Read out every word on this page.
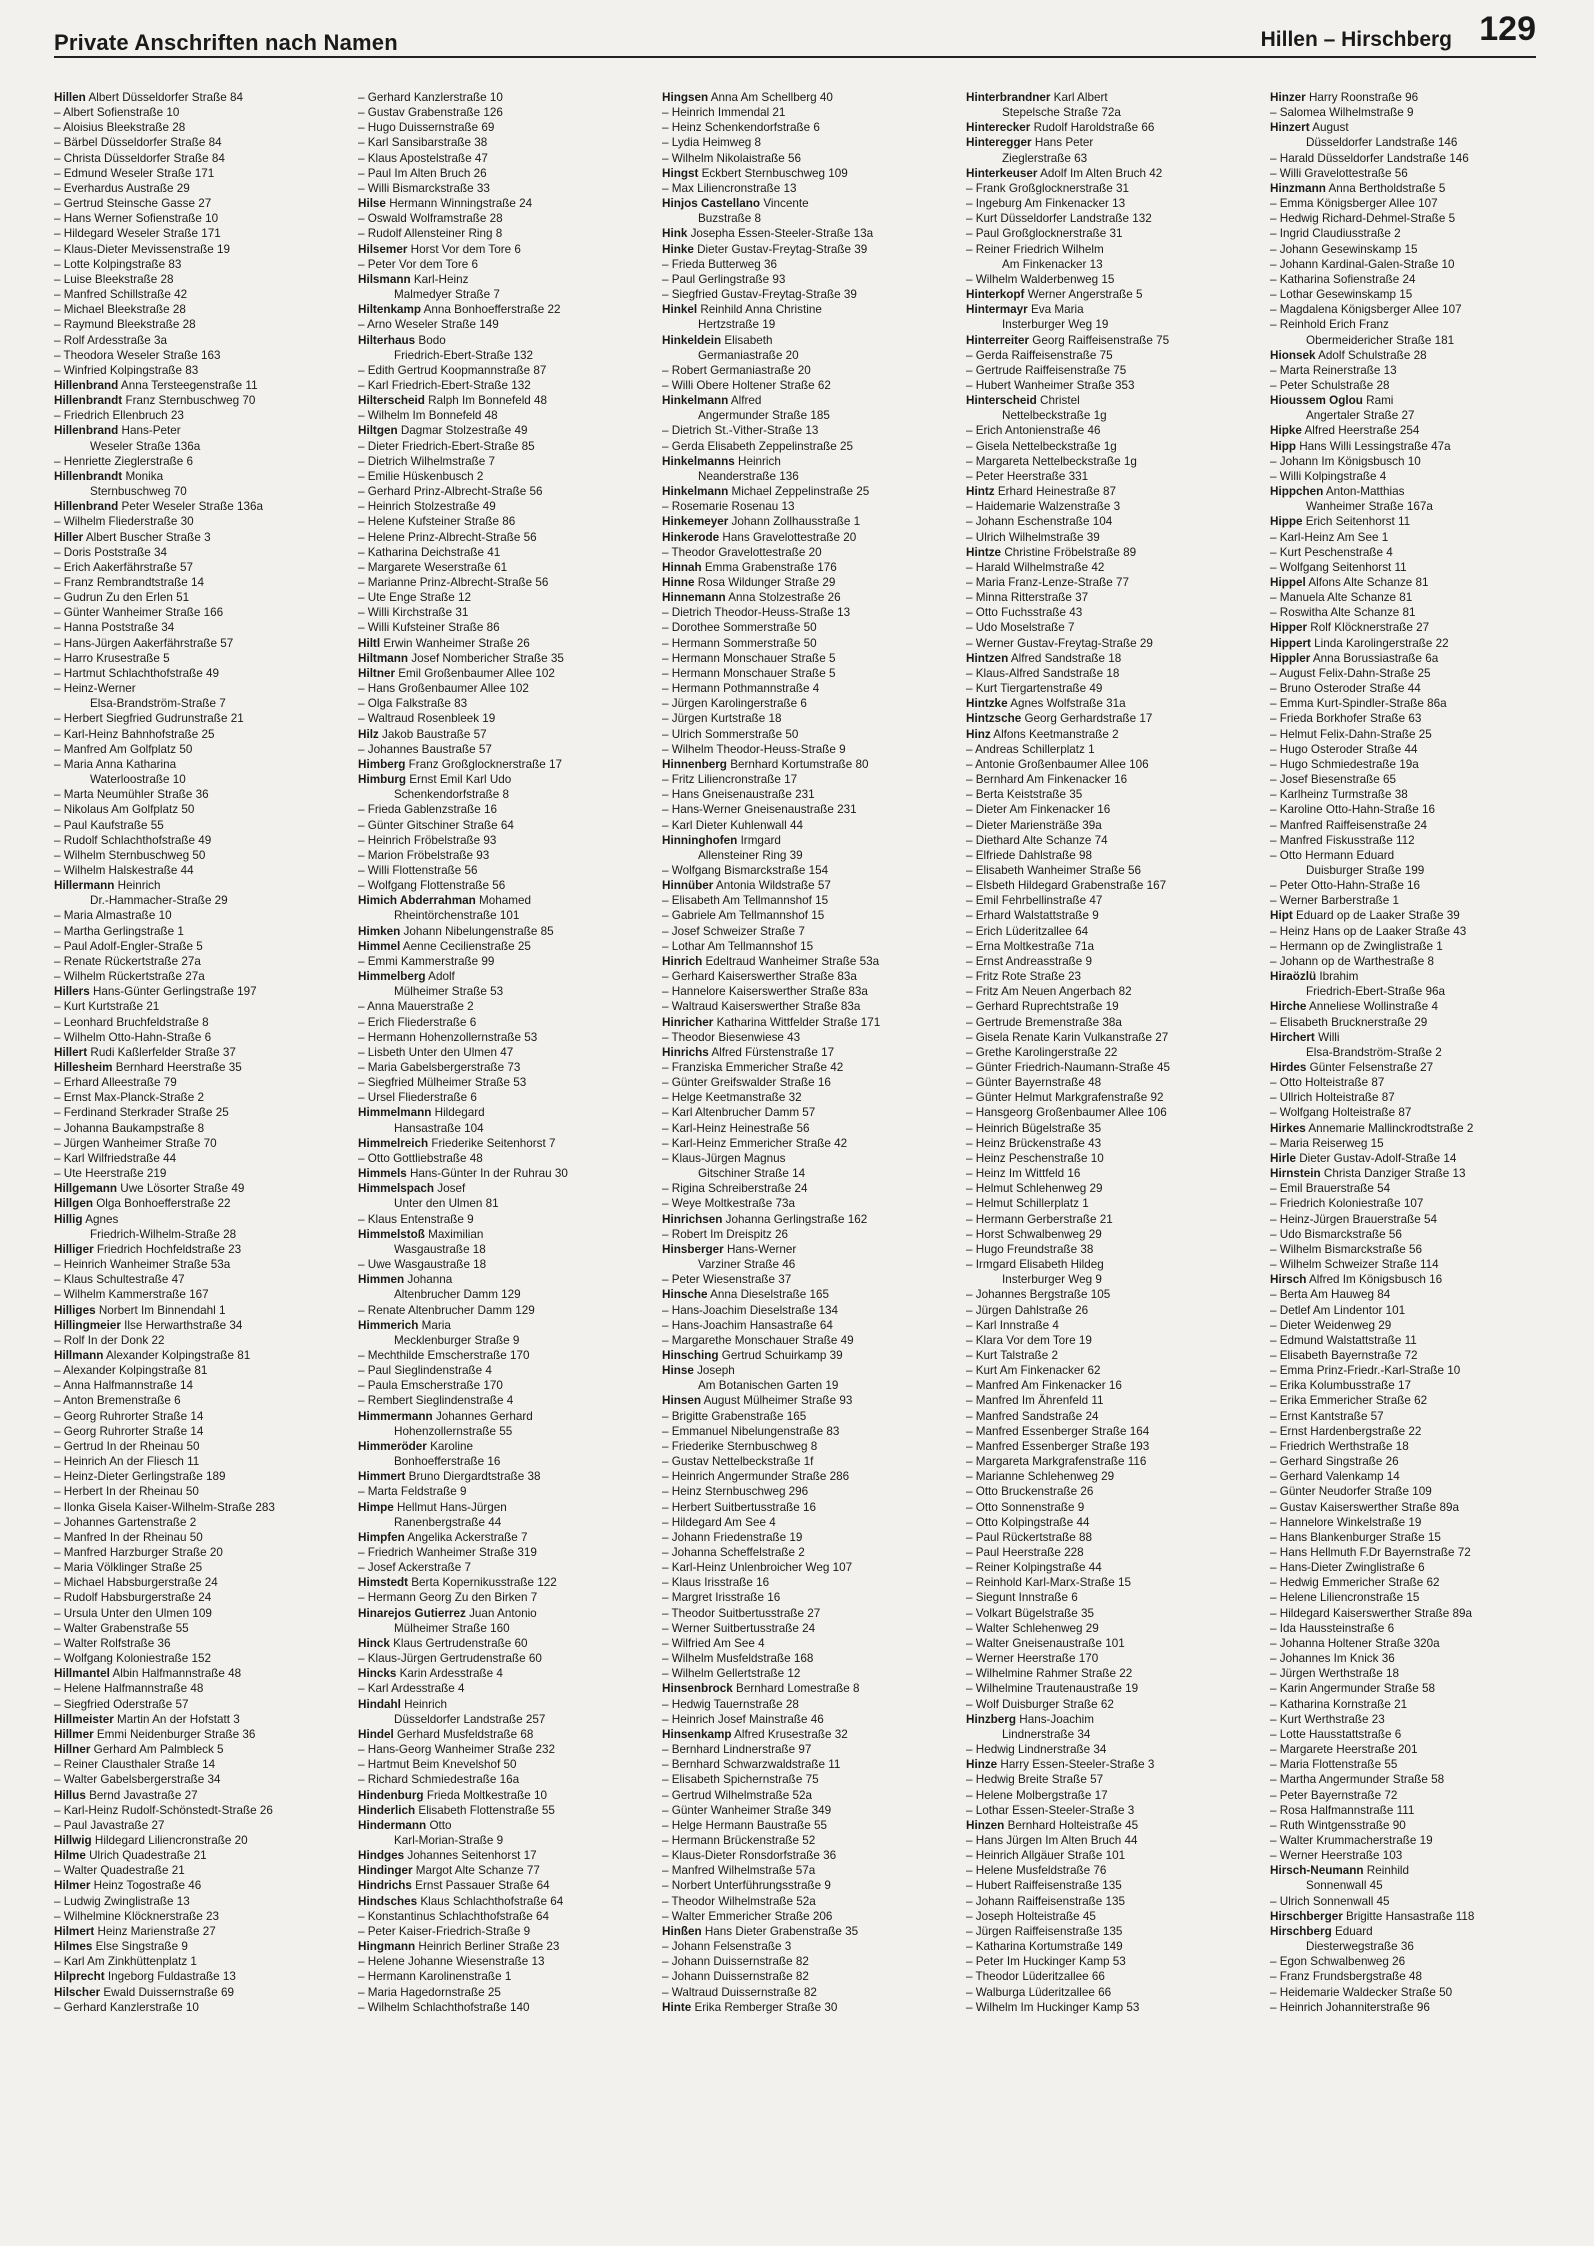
Private Anschriften nach Namen	Hillen – Hirschberg 129
Hillen Albert Düsseldorfer Straße 84
– Albert Sofienstraße 10
– Aloisius Bleekstraße 28
– Bärbel Düsseldorfer Straße 84
– Christa Düsseldorfer Straße 84
– Edmund Weseler Straße 171
– Everhardus Austraße 29
– Gertrud Steinsche Gasse 27
– Hans Werner Sofienstraße 10
– Hildegard Weseler Straße 171
– Klaus-Dieter Mevissenstraße 19
– Lotte Kolpingstraße 83
– Luise Bleekstraße 28
– Manfred Schillstraße 42
– Michael Bleekstraße 28
– Raymund Bleekstraße 28
– Rolf Ardesstraße 3a
– Theodora Weseler Straße 163
– Winfried Kolpingstraße 83
Hillenbrand Anna Tersteegenstraße 11
Hillenbrandt Franz Sternbuschweg 70
– Friedrich Ellenbruch 23
Hillenbrand Hans-Peter
Weseler Straße 136a
– Henriette Zieglerstraße 6
Hillenbrandt Monika
Sternbuschweg 70
Hillenbrand Peter Weseler Straße 136a
– Wilhelm Fliederstraße 30
Hiller Albert Buscher Straße 3
– Doris Poststraße 34
– Erich Aakerfährstraße 57
– Franz Rembrandtstraße 14
– Gudrun Zu den Erlen 51
– Günter Wanheimer Straße 166
– Hanna Poststraße 34
– Hans-Jürgen Aakerfährstraße 57
– Harro Krusestraße 5
– Hartmut Schlachthofstraße 49
– Heinz-Werner
Elsa-Brandström-Straße 7
– Herbert Siegfried Gudrunstraße 21
– Karl-Heinz Bahnhofstraße 25
– Manfred Am Golfplatz 50
– Maria Anna Katharina
Waterloostraße 10
– Marta Neumühler Straße 36
– Nikolaus Am Golfplatz 50
– Paul Kaufstraße 55
– Rudolf Schlachthofstraße 49
– Wilhelm Sternbuschweg 50
– Wilhelm Halskestraße 44
Hillermann Heinrich
Dr.-Hammacher-Straße 29
– Maria Almastraße 10
– Martha Gerlingstraße 1
– Paul Adolf-Engler-Straße 5
– Renate Rückertstraße 27a
– Wilhelm Rückertstraße 27a
Hillers Hans-Günter Gerlingstraße 197
– Kurt Kurtstraße 21
– Leonhard Bruchfeldstraße 8
– Wilhelm Otto-Hahn-Straße 6
Hillert Rudi Kaßlerfelder Straße 37
Hillesheim Bernhard Heerstraße 35
– Erhard Alleestraße 79
– Ernst Max-Planck-Straße 2
– Ferdinand Sterkrader Straße 25
– Johanna Baukampstraße 8
– Jürgen Wanheimer Straße 70
– Karl Wilfriedstraße 44
– Ute Heerstraße 219
Hillgemann Uwe Lösorter Straße 49
Hillgen Olga Bonhoefferstraße 22
Hillig Agnes
Friedrich-Wilhelm-Straße 28
Hilliger Friedrich Hochfeldstraße 23
– Heinrich Wanheimer Straße 53a
– Klaus Schultestraße 47
– Wilhelm Kammerstraße 167
Hilliges Norbert Im Binnendahl 1
Hillingmeier Ilse Herwarthstraße 34
– Rolf In der Donk 22
Hillmann Alexander Kolpingstraße 81
– Alexander Kolpingstraße 81
– Anna Halfmannstraße 14
– Anton Bremenstraße 6
– Georg Ruhrorter Straße 14
– Georg Ruhrorter Straße 14
– Gertrud In der Rheinau 50
– Heinrich An der Fliesch 11
– Heinz-Dieter Gerlingstraße 189
– Herbert In der Rheinau 50
– Ilonka Gisela Kaiser-Wilhelm-Straße 283
– Johannes Gartenstraße 2
– Manfred In der Rheinau 50
– Manfred Harzburger Straße 20
– Maria Völklinger Straße 25
– Michael Habsburgerstraße 24
– Rudolf Habsburgerstraße 24
– Ursula Unter den Ulmen 109
– Walter Grabenstraße 55
– Walter Rolfstraße 36
– Wolfgang Koloniestraße 152
Hillmantel Albin Halfmannstraße 48
– Helene Halfmannstraße 48
– Siegfried Oderstraße 57
Hillmeister Martin An der Hofstatt 3
Hillmer Emmi Neidenburger Straße 36
Hillner Gerhard Am Palmbleck 5
– Reiner Clausthaler Straße 14
– Walter Gabelsbergerstraße 34
Hillus Bernd Javastraße 27
– Karl-Heinz Rudolf-Schönstedt-Straße 26
– Paul Javastraße 27
Hillwig Hildegard Liliencronstraße 20
Hilme Ulrich Quadestraße 21
– Walter Quadestraße 21
Hilmer Heinz Togostraße 46
– Ludwig Zwinglistraße 13
– Wilhelmine Klöcknerstraße 23
Hilmert Heinz Marienstraße 27
Hilmes Else Singstraße 9
– Karl Am Zinkhüttenplatz 1
Hilprecht Ingeborg Fuldastraße 13
Hilscher Ewald Duissernstraße 69
– Gerhard Kanzlerstraße 10
– Gerhard Kanzlerstraße 10
– Gustav Grabenstraße 126
– Hugo Duissernstraße 69
– Karl Sansibarstraße 38
– Klaus Apostelstraße 47
– Paul Im Alten Bruch 26
– Willi Bismarckstraße 33
Hilse Hermann Winningstraße 24
– Oswald Wolframstraße 28
– Rudolf Allensteiner Ring 8
Hilsemer Horst Vor dem Tore 6
– Peter Vor dem Tore 6
Hilsmann Karl-Heinz
Malmedyer Straße 7
Hiltenkamp Anna Bonhoefferstraße 22
– Arno Weseler Straße 149
Hilterhaus Bodo
Friedrich-Ebert-Straße 132
– Edith Gertrud Koopmannstraße 87
– Karl Friedrich-Ebert-Straße 132
Hilterscheid Ralph Im Bonnefeld 48
– Wilhelm Im Bonnefeld 48
Hiltgen Dagmar Stolzestraße 49
– Dieter Friedrich-Ebert-Straße 85
– Dietrich Wilhelmstraße 7
– Emilie Hüskenbusch 2
– Gerhard Prinz-Albrecht-Straße 56
– Heinrich Stolzestraße 49
– Helene Kufsteiner Straße 86
– Helene Prinz-Albrecht-Straße 56
– Katharina Deichstraße 41
– Margarete Weserstraße 61
– Marianne Prinz-Albrecht-Straße 56
– Ute Enge Straße 12
– Willi Kirchstraße 31
– Willi Kufsteiner Straße 86
Hiltl Erwin Wanheimer Straße 26
Hiltmann Josef Nombericher Straße 35
Hiltner Emil Großenbaumer Allee 102
– Hans Großenbaumer Allee 102
– Olga Falkstraße 83
– Waltraud Rosenbleek 19
Hilz Jakob Baustraße 57
– Johannes Baustraße 57
Himberg Franz Großglocknerstraße 17
Himburg Ernst Emil Karl Udo
Schenkendorfstraße 8
– Frieda Gablenzstraße 16
– Günter Gitschiner Straße 64
– Heinrich Fröbelstraße 93
– Marion Fröbelstraße 93
– Willi Flottenstraße 56
– Wolfgang Flottenstraße 56
Himich Abderrahman Mohamed
Rheintörchenstraße 101
Himken Johann Nibelungenstraße 85
Himmel Aenne Cecilienstraße 25
– Emmi Kammerstraße 99
Himmelberg Adolf
Mülheimer Straße 53
– Anna Mauerstraße 2
– Erich Fliederstraße 6
– Hermann Hohenzollernstraße 53
– Lisbeth Unter den Ulmen 47
– Maria Gabelsbergerstraße 73
– Siegfried Mülheimer Straße 53
– Ursel Fliederstraße 6
Himmelmann Hildegard
Hansastraße 104
Himmelreich Friederike Seitenhorst 7
– Otto Gottliebstraße 48
Himmels Hans-Günter In der Ruhrau 30
Himmelspach Josef
Unter den Ulmen 81
– Klaus Entenstraße 9
Himmelstoß Maximilian
Wasgaustraße 18
– Uwe Wasgaustraße 18
Himmen Johanna
Altenbrucher Damm 129
– Renate Altenbrucher Damm 129
Himmerich Maria
Mecklenburger Straße 9
– Mechthilde Emscherstraße 170
– Paul Sieglindenstraße 4
– Paula Emscherstraße 170
– Rembert Sieglindenstraße 4
Himmermann Johannes Gerhard
Hohenzollernstraße 55
Himmeröder Karoline
Bonhoefferstraße 16
Himmert Bruno Diergardtstraße 38
– Marta Feldstraße 9
Himpe Hellmut Hans-Jürgen
Ranenbergstraße 44
Himpfen Angelika Ackerstraße 7
– Friedrich Wanheimer Straße 319
– Josef Ackerstraße 7
Himstedt Berta Kopernikusstraße 122
– Hermann Georg Zu den Birken 7
Hinarejos Gutierrez Juan Antonio
Mülheimer Straße 160
Hinck Klaus Gertrudenstraße 60
– Klaus-Jürgen Gertrudenstraße 60
Hincks Karin Ardesstraße 4
– Karl Ardesstraße 4
Hindahl Heinrich
Düsseldorfer Landstraße 257
Hindel Gerhard Musfeldstraße 68
– Hans-Georg Wanheimer Straße 232
– Hartmut Beim Knevelshof 50
– Richard Schmiedestraße 16a
Hindenburg Frieda Moltkestraße 10
Hinderlich Elisabeth Flottenstraße 55
Hindermann Otto
Karl-Morian-Straße 9
Hindges Johannes Seitenhorst 17
Hindinger Margot Alte Schanze 77
Hindrichs Ernst Passauer Straße 64
Hindsches Klaus Schlachthofstraße 64
– Konstantinus Schlachthofstraße 64
– Peter Kaiser-Friedrich-Straße 9
Hingmann Heinrich Berliner Straße 23
– Helene Johanne Wiesenstraße 13
– Hermann Karolinenstraße 1
– Maria Hagedornstraße 25
– Wilhelm Schlachthofstraße 140
Hingsen Anna Am Schellberg 40
– Heinrich Immendal 21
– Heinz Schenkendorfstraße 6
– Lydia Heimweg 8
– Wilhelm Nikolaistraße 56
Hingst Eckbert Sternbuschweg 109
– Max Liliencronstraße 13
Hinjos Castellano Vincente
Buzstraße 8
Hink Josepha Essen-Steeler-Straße 13a
Hinke Dieter Gustav-Freytag-Straße 39
– Frieda Butterweg 36
– Paul Gerlingstraße 93
– Siegfried Gustav-Freytag-Straße 39
Hinkel Reinhild Anna Christine
Hertzstraße 19
Hinkeldein Elisabeth
Germaniastraße 20
– Robert Germaniastraße 20
– Willi Obere Holtener Straße 62
Hinkelmann Alfred
Angermunder Straße 185
– Dietrich St.-Vither-Straße 13
– Gerda Elisabeth Zeppelinstraße 25
Hinkelmanns Heinrich
Neanderstraße 136
Hinkelmann Michael Zeppelinstraße 25
– Rosemarie Rosenau 13
Hinkemeyer Johann Zollhausstraße 1
Hinkerode Hans Gravelottestraße 20
– Theodor Gravelottestraße 20
Hinnah Emma Grabenstraße 176
Hinne Rosa Wildunger Straße 29
Hinnemann Anna Stolzestraße 26
– Dietrich Theodor-Heuss-Straße 13
– Dorothee Sommerstraße 50
– Hermann Sommerstraße 50
– Hermann Monschauer Straße 5
– Hermann Monschauer Straße 5
– Hermann Pothmannstraße 4
– Jürgen Karolingerstraße 6
– Jürgen Kurtstraße 18
– Ulrich Sommerstraße 50
– Wilhelm Theodor-Heuss-Straße 9
Hinnenberg Bernhard Kortumstraße 80
– Fritz Liliencronstraße 17
– Hans Gneisenaustraße 231
– Hans-Werner Gneisenaustraße 231
– Karl Dieter Kuhlenwall 44
Hinninghofen Irmgard
Allensteiner Ring 39
– Wolfgang Bismarckstraße 154
Hinnüber Antonia Wildstraße 57
– Elisabeth Am Tellmannshof 15
– Gabriele Am Tellmannshof 15
– Josef Schweizer Straße 7
– Lothar Am Tellmannshof 15
Hinrich Edeltraud Wanheimer Straße 53a
– Gerhard Kaiserswerther Straße 83a
– Hannelore Kaiserswerther Straße 83a
– Waltraud Kaiserswerther Straße 83a
Hinricher Katharina Wittfelder Straße 171
– Theodor Biesenwiese 43
Hinrichs Alfred Fürstenstraße 17
– Franziska Emmericher Straße 42
– Günter Greifswalder Straße 16
– Helge Keetmanstraße 32
– Karl Altenbrucher Damm 57
– Karl-Heinz Heinestraße 56
– Karl-Heinz Emmericher Straße 42
– Klaus-Jürgen Magnus
Gitschiner Straße 14
– Rigina Schreiberstraße 24
– Weye Moltkestraße 73a
Hinrichsen Johanna Gerlingstraße 162
– Robert Im Dreispitz 26
Hinsberger Hans-Werner
Varziner Straße 46
– Peter Wiesenstraße 37
Hinsche Anna Dieselstraße 165
– Hans-Joachim Dieselstraße 134
– Hans-Joachim Hansastraße 64
– Margarethe Monschauer Straße 49
Hinsching Gertrud Schuirkamp 39
Hinse Joseph
Am Botanischen Garten 19
Hinsen August Mülheimer Straße 93
– Brigitte Grabenstraße 165
– Emmanuel Nibelungenstraße 83
– Friederike Sternbuschweg 8
– Gustav Nettelbeckstraße 1f
– Heinrich Angermunder Straße 286
– Heinz Sternbuschweg 296
– Herbert Suitbertusstraße 16
– Hildegard Am See 4
– Johann Friedenstraße 19
– Johanna Scheffelstraße 2
– Karl-Heinz Unlenbroicher Weg 107
– Klaus Irisstraße 16
– Margret Irisstraße 16
– Theodor Suitbertusstraße 27
– Werner Suitbertusstraße 24
– Wilfried Am See 4
– Wilhelm Musfeldstraße 168
– Wilhelm Gellertstraße 12
Hinsenbrock Bernhard Lomestraße 8
– Hedwig Tauernstraße 28
– Heinrich Josef Mainstraße 46
Hinsenkamp Alfred Krusestraße 32
– Bernhard Lindnerstraße 97
– Bernhard Schwarzwaldstraße 11
– Elisabeth Spichernstraße 75
– Gertrud Wilhelmstraße 52a
– Günter Wanheimer Straße 349
– Helge Hermann Baustraße 55
– Hermann Brückenstraße 52
– Klaus-Dieter Ronsdorfstraße 36
– Manfred Wilhelmstraße 57a
– Norbert Unterführungsstraße 9
– Theodor Wilhelmstraße 52a
– Walter Emmericher Straße 206
Hinßen Hans Dieter Grabenstraße 35
– Johann Felsenstraße 3
– Johann Duissernstraße 82
– Johann Duissernstraße 82
– Waltraud Duissernstraße 82
Hinte Erika Remberger Straße 30
Hinterbrandner Karl Albert
Stepelsche Straße 72a
Hinterecker Rudolf Haroldstraße 66
Hinteregger Hans Peter
Zieglerstraße 63
Hinterkeuser Adolf Im Alten Bruch 42
– Frank Großglocknerstraße 31
– Ingeburg Am Finkenacker 13
– Kurt Düsseldorfer Landstraße 132
– Paul Großglocknerstraße 31
– Reiner Friedrich Wilhelm
Am Finkenacker 13
– Wilhelm Walderbenweg 15
Hinterkopf Werner Angerstraße 5
Hintermayr Eva Maria
Insterburger Weg 19
Hinterreiter Georg Raiffeisenstraße 75
– Gerda Raiffeisenstraße 75
– Gertrude Raiffeisenstraße 75
– Hubert Wanheimer Straße 353
Hinterscheid Christel
Nettelbeckstraße 1g
– Erich Antonienstraße 46
– Gisela Nettelbeckstraße 1g
– Margareta Nettelbeckstraße 1g
– Peter Heerstraße 331
Hintz Erhard Heinestraße 87
– Haidemarie Walzenstraße 3
– Johann Eschenstraße 104
– Ulrich Wilhelmstraße 39
Hintze Christine Fröbelstraße 89
– Harald Wilhelmstraße 42
– Maria Franz-Lenze-Straße 77
– Minna Ritterstraße 37
– Otto Fuchsstraße 43
– Udo Moselstraße 7
– Werner Gustav-Freytag-Straße 29
Hintzen Alfred Sandstraße 18
– Klaus-Alfred Sandstraße 18
– Kurt Tiergartenstraße 49
Hintzke Agnes Wolfstraße 31a
Hintzsche Georg Gerhardstraße 17
Hinz Alfons Keetmanstraße 2
– Andreas Schillerplatz 1
– Antonie Großenbaumer Allee 106
– Bernhard Am Finkenacker 16
– Berta Keiststraße 35
– Dieter Am Finkenacker 16
– Dieter Mariensträße 39a
– Diethard Alte Schanze 74
– Elfriede Dahlstraße 98
– Elisabeth Wanheimer Straße 56
– Elsbeth Hildegard Grabenstraße 167
– Emil Fehrbellinstraße 47
– Erhard Walstattstraße 9
– Erich Lüderitzallee 64
– Erna Moltkestraße 71a
– Ernst Andreasstraße 9
– Fritz Rote Straße 23
– Fritz Am Neuen Angerbach 82
– Gerhard Ruprechtstraße 19
– Gertrude Bremenstraße 38a
– Gisela Renate Karin Vulkanstraße 27
– Grethe Karolingerstraße 22
– Günter Friedrich-Naumann-Straße 45
– Günter Bayernstraße 48
– Günter Helmut Markgrafenstraße 92
– Hansgeorg Großenbaumer Allee 106
– Heinrich Bügelstraße 35
– Heinz Brückenstraße 43
– Heinz Peschenstraße 10
– Heinz Im Wittfeld 16
– Helmut Schlehenweg 29
– Helmut Schillerplatz 1
– Hermann Gerberstraße 21
– Horst Schwalbenweg 29
– Hugo Freundstraße 38
– Irmgard Elisabeth Hildeg
Insterburger Weg 9
– Johannes Bergstraße 105
– Jürgen Dahlstraße 26
– Karl Innstraße 4
– Klara Vor dem Tore 19
– Kurt Talstraße 2
– Kurt Am Finkenacker 62
– Manfred Am Finkenacker 16
– Manfred Im Ährenfeld 11
– Manfred Sandstraße 24
– Manfred Essenberger Straße 164
– Manfred Essenberger Straße 193
– Margareta Markgrafenstraße 116
– Marianne Schlehenweg 29
– Otto Bruckenstraße 26
– Otto Sonnenstraße 9
– Otto Kolpingstraße 44
– Paul Rückertstraße 88
– Paul Heerstraße 228
– Reiner Kolpingstraße 44
– Reinhold Karl-Marx-Straße 15
– Siegunt Innstraße 6
– Volkart Bügelstraße 35
– Walter Schlehenweg 29
– Walter Gneisenaustraße 101
– Werner Heerstraße 170
– Wilhelmine Rahmer Straße 22
– Wilhelmine Trautenaustraße 19
– Wolf Duisburger Straße 62
Hinzberg Hans-Joachim
Lindnerstraße 34
– Hedwig Lindnerstraße 34
Hinze Harry Essen-Steeler-Straße 3
– Hedwig Breite Straße 57
– Helene Molbergstraße 17
– Lothar Essen-Steeler-Straße 3
Hinzen Bernhard Holteistraße 45
– Hans Jürgen Im Alten Bruch 44
– Heinrich Allgäuer Straße 101
– Helene Musfeldstraße 76
– Hubert Raiffeisenstraße 135
– Johann Raiffeisenstraße 135
– Joseph Holteistraße 45
– Jürgen Raiffeisenstraße 135
– Katharina Kortumstraße 149
– Peter Im Huckinger Kamp 53
– Theodor Lüderitzallee 66
– Walburga Lüderitzallee 66
– Wilhelm Im Huckinger Kamp 53
Hinzer Harry Roonstraße 96
– Salomea Wilhelmstraße 9
Hinzert August
Düsseldorfer Landstraße 146
– Harald Düsseldorfer Landstraße 146
– Willi Gravelottestraße 56
Hinzmann Anna Bertholdstraße 5
– Emma Königsberger Allee 107
– Hedwig Richard-Dehmel-Straße 5
– Ingrid Claudiusstraße 2
– Johann Gesewinskamp 15
– Johann Kardinal-Galen-Straße 10
– Katharina Sofienstraße 24
– Lothar Gesewinskamp 15
– Magdalena Königsberger Allee 107
– Reinhold Erich Franz
Obermeidericher Straße 181
Hionsek Adolf Schulstraße 28
– Marta Reinerstraße 13
– Peter Schulstraße 28
Hioussem Oglou Rami
Angertaler Straße 27
Hipke Alfred Heerstraße 254
Hipp Hans Willi Lessingstraße 47a
– Johann Im Königsbusch 10
– Willi Kolpingstraße 4
Hippchen Anton-Matthias
Wanheimer Straße 167a
Hippe Erich Seitenhorst 11
– Karl-Heinz Am See 1
– Kurt Peschenstraße 4
– Wolfgang Seitenhorst 11
Hippel Alfons Alte Schanze 81
– Manuela Alte Schanze 81
– Roswitha Alte Schanze 81
Hipper Rolf Klöcknerstraße 27
Hippert Linda Karolingerstraße 22
Hippler Anna Borussiastraße 6a
– August Felix-Dahn-Straße 25
– Bruno Osteroder Straße 44
– Emma Kurt-Spindler-Straße 86a
– Frieda Borkhofer Straße 63
– Helmut Felix-Dahn-Straße 25
– Hugo Osteroder Straße 44
– Hugo Schmiedestraße 19a
– Josef Biesenstraße 65
– Karlheinz Turmstraße 38
– Karoline Otto-Hahn-Straße 16
– Manfred Raiffeisenstraße 24
– Manfred Fiskusstraße 112
– Otto Hermann Eduard
Duisburger Straße 199
– Peter Otto-Hahn-Straße 16
– Werner Barberstraße 1
Hipt Eduard op de Laaker Straße 39
– Heinz Hans op de Laaker Straße 43
– Hermann op de Zwinglistraße 1
– Johann op de Warthestraße 8
Hiraözlü Ibrahim
Friedrich-Ebert-Straße 96a
Hirche Anneliese Wollinstraße 4
– Elisabeth Brucknerstraße 29
Hirchert Willi
Elsa-Brandström-Straße 2
Hirdes Günter Felsenstraße 27
– Otto Holteistraße 87
– Ullrich Holteistraße 87
– Wolfgang Holteistraße 87
Hirkes Annemarie Mallinckrodtstraße 2
– Maria Reiserweg 15
Hirle Dieter Gustav-Adolf-Straße 14
Hirnstein Christa Danziger Straße 13
– Emil Brauerstraße 54
– Friedrich Koloniestraße 107
– Heinz-Jürgen Brauerstraße 54
– Udo Bismarckstraße 56
– Wilhelm Bismarckstraße 56
– Wilhelm Schweizer Straße 114
Hirsch Alfred Im Königsbusch 16
– Berta Am Hauweg 84
– Detlef Am Lindentor 101
– Dieter Weidenweg 29
– Edmund Walstattstraße 11
– Elisabeth Bayernstraße 72
– Emma Prinz-Friedr.-Karl-Straße 10
– Erika Kolumbusstraße 17
– Erika Emmericher Straße 62
– Ernst Kantstraße 57
– Ernst Hardenbergstraße 22
– Friedrich Werthstraße 18
– Gerhard Singstraße 26
– Gerhard Valenkamp 14
– Günter Neudorfer Straße 109
– Gustav Kaiserswerther Straße 89a
– Hannelore Winkelstraße 19
– Hans Blankenburger Straße 15
– Hans Hellmuth F.Dr Bayernstraße 72
– Hans-Dieter Zwinglistraße 6
– Hedwig Emmericher Straße 62
– Helene Liliencronstraße 15
– Hildegard Kaiserswerther Straße 89a
– Ida Haussteinstraße 6
– Johanna Holtener Straße 320a
– Johannes Im Knick 36
– Jürgen Werthstraße 18
– Karin Angermunder Straße 58
– Katharina Kornstraße 21
– Kurt Werthstraße 23
– Lotte Hausstattstraße 6
– Margarete Heerstraße 201
– Maria Flottenstraße 55
– Martha Angermunder Straße 58
– Peter Bayernstraße 72
– Rosa Halfmannstraße 111
– Ruth Wintgensstraße 90
– Walter Krummacherstraße 19
– Werner Heerstraße 103
Hirsch-Neumann Reinhild
Sonnenwall 45
– Ulrich Sonnenwall 45
Hirschberger Brigitte Hansastraße 118
Hirschberg Eduard
Diesterwegstraße 36
– Egon Schwalbenweg 26
– Franz Frundsbergstraße 48
– Heidemarie Waldecker Straße 50
– Heinrich Johanniterstraße 96
